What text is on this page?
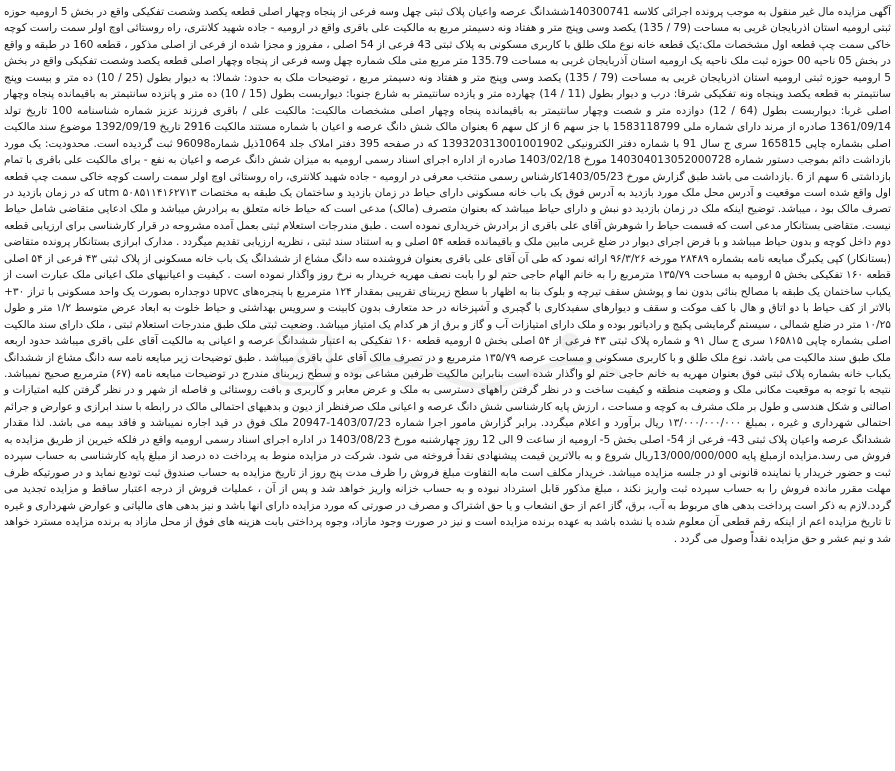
آگهی مزایده مال غیر منقول به موجب پرونده اجرائی کلاسه 140300741ششدانگ عرصه واعیان پلاک ثبتی چهل وسه فرعی از پنجاه وچهار اصلی قطعه یکصد وشصت تفکیکی واقع در بخش 5 ارومیه حوزه ثبتی ارومیه استان اذربایجان غربی به مساحت (79 / 135) یکصد وسی وپنج متر و هفتاد ونه دسیمتر مربع به مالکیت علی باقری واقع در ارومیه - جاده شهید کلانتری، راه روستائی اوچ اولر سمت راست کوچه خاکی سمت چپ قطعه اول مشخصات ملک:یک قطعه خانه نوع ملک طلق با کاربری مسکونی به پلاک ثبتی 43 فرعی از 54 اصلی ، مفروز و مجزا شده از فرعی از اصلی مذکور ، قطعه 160 در طبقه و واقع در بخش 05 ناحیه 00 حوزه ثبت ملک ناحیه یک ارومیه استان آذربایجان غربی به مساحت 135.79 متر مربع متی ملک شماره چهل وسه فرعی از پنجاه وچهار اصلی قطعه یکصد وشصت تفکیکی واقع در بخش 5 ارومیه حوزه ثبتی ارومیه استان اذربایجان غربی به مساحت (79 / 135) یکصد وسی وپنج متر و هفتاد ونه دسیمتر مربع ، توضیحات ملک به حدود: شمالا: به دیوار بطول (25 / 10) ده متر و بیست وپنج سانتیمتر به قطعه یکصد وپنجاه ونه تفکیکی شرقا: درب و دیوار بطول (11 / 14) چهارده متر و یازده سانتیمتر به شارع جنوبا: دیواربست بطول (15 / 10) ده متر و پانزده سانتیمتر به باقیمانده پنجاه وچهار اصلی غربا: دیواربست بطول (64 / 12) دوازده متر و شصت وچهار سانتیمتر به باقیمانده پنجاه وچهار اصلی مشخصات مالکیت: مالکیت علی / باقری فرزند عزیز شماره شناسنامه 100 تاریخ تولد 1361/09/14 صادره از مرند دارای شماره ملی 1583118799 با جز سهم 6 از کل سهم 6 بعنوان مالک شش دانگ عرصه و اعیان با شماره مستند مالکیت 2916 تاریخ 1392/09/19 موضوع سند مالکیت اصلی بشماره چاپی 165815 سری ج سال 91 با شماره دفتر الکترونیکی 139320313001001902 که در صفحه 395 دفتر املاک جلد 1064ذیل شماره96098 ثبت گردیده است. محدودیت: یک مورد بازداشت دائم بموجب دستور شماره 140304013052000728 مورخ 1403/02/18 صادره از اداره اجرای اسناد رسمی ارومیه به میزان شش دانگ عرصه و اعیان به نفع - برای مالکیت علی باقری با تمام بازداشتی 6 سهم از 6 .بازداشت می باشد طبق گزارش مورخ 1403/05/23کارشناس رسمی منتخب معرفی در ارومیه - جاده شهید کلانتری، راه روستائی اوچ اولر سمت راست کوچه خاکی سمت چپ قطعه اول واقع شده است موقعیت و آدرس محل ملک مورد بازدید به آدرس فوق یک باب خانه مسکونی دارای حیاط در زمان بازدید و ساختمان یک طبقه به مختصات utm ۵۰۸۵۱۱۴۱۶۲۷۱۳ که در زمان بازدید در تصرف مالک بود ، میباشد. توضیح اینکه ملک در زمان بازدید دو نبش و دارای حیاط میباشد که بعنوان متصرف (مالک) مدعی است که حیاط خانه متعلق به برادرش میباشد و ملک ادعایی متقاضی شامل حیاط نیست. متقاضی بستانکار مدعی است که قسمت حیاط را شوهرش آقای علی باقری از برادرش خریداری نموده است . طبق مندرجات استعلام ثبتی بعمل آمده مشروحه در قرار کارشناسی برای ارزیابی قطعه دوم داخل کوچه و بدون حیاط میباشد و با فرض اجرای دیوار در ضلع غربی مابین ملک و باقیمانده قطعه ۵۴ اصلی و به استناد سند ثبتی ، نظریه ارزیابی تقدیم میگردد . مدارک ابرازی بستانکار پرونده متقاضی (بستانکار) کپی یکبرگ مبایعه نامه بشماره ۲۸۴۸۹ مورخه ۹۶/۳/۲۶ ارائه نمود که طی آن آقای علی باقری بعنوان فروشنده سه دانگ مشاع از ششدانگ یک باب خانه مسکونی از پلاک ثبتی ۴۳ فرعی از ۵۴ اصلی قطعه ۱۶۰ تفکیکی بخش ۵ ارومیه به مساحت ۱۳۵/۷۹ مترمربع را به خانم الهام حاجی حتم لو را بابت نصف مهریه خریدار به نرخ روز واگذار نموده است . کیفیت و اعیانیهای ملک اعیانی ملک عبارت است از یکباب ساختمان یک طبقه با مصالح بنائی بدون نما و پوشش سقف تیرچه و بلوک بنا به اظهار با سطح زیربنای تقریبی بمقدار ۱۲۴ مترمربع با پنجره‌های upvc دوجداره بصورت یک واحد مسکونی با تراز ۳۰+ بالاتر از کف حیاط با دو اتاق و هال با کف موکت و سقف و دیوارهای سفیدکاری با گچبری و آشپزخانه در حد متعارف بدون کابینت و سرویس بهداشتی و حیاط خلوت به ابعاد عرض متوسط ۱/۲ متر و طول ۱۰/۲۵ متر در ضلع شمالی ، سیستم گرمایشی پکیج و رادیاتور بوده و ملک دارای امتیازات آب و گاز و برق از هر کدام یک امتیاز میباشد. وضعیت ثبتی ملک طبق مندرجات استعلام ثبتی ، ملک دارای سند مالکیت اصلی بشماره چاپی ۱۶۵۸۱۵ سری ج سال ۹۱ و شماره پلاک ثبتی ۴۳ فرعی از ۵۴ اصلی بخش ۵ ارومیه قطعه ۱۶۰ تفکیکی به اعتبار ششدانگ عرصه و اعیانی به مالکیت آقای علی باقری میباشد حدود اربعه ملک طبق سند مالکیت می باشد. نوع ملک طلق و با کاربری مسکونی و مساحت عرصه ۱۳۵/۷۹ مترمربع و در تصرف مالک آقای علی باقری میباشد . طبق توضیحات زیر مبایعه نامه سه دانگ مشاع از ششدانگ یکباب خانه بشماره پلاک ثبتی فوق بعنوان مهریه به خانم حاجی حتم لو واگذار شده است بنابراین مالکیت طرفین مشاعی بوده و سطح زیربنای مندرج در توضیحات مبایعه نامه (۶۷) مترمربع صحیح نمیباشد. نتیجه با توجه به موقعیت مکانی ملک و وضعیت منطقه و کیفیت ساخت و در نظر گرفتن راههای دسترسی به ملک و عرض معابر و کاربری و بافت روستائی و فاصله از شهر و در نظر گرفتن کلیه امتیازات و اصالتی و شکل هندسی و طول بر ملک مشرف به کوچه و مساحت ، ارزش پایه کارشناسی شش دانگ عرصه و اعیانی ملک صرفنظر از دیون و بدهیهای احتمالی مالک در رابطه با سند ابرازی و عوارض و جرائم احتمالی شهرداری و غیره ، بمبلغ ۱۳/۰۰۰/۰۰۰/۰۰۰ ریال برآورد و اعلام میگردد. برابر گزارش مامور اجرا شماره 1403/07/23-20947 ملک فوق در قید اجاره نمیباشد و فاقد بیمه می باشد. لذا مقدار ششدانگ عرصه واعیان پلاک ثبتی 43- فرعی از 54- اصلی بخش 5- ارومیه از ساعت 9 الی 12 روز چهارشنبه مورخ 1403/08/23 در اداره اجرای اسناد رسمی ارومیه واقع در فلکه خیرین از طریق مزایده به فروش می رسد.مزایده ازمبلغ پایه 13/000/000/000ریال شروع و به بالاترین قیمت پیشنهادی نقداً فروخته می شود. شرکت در مزایده منوط به پرداخت ده درصد از مبلغ پایه کارشناسی به حساب سپرده ثبت و حضور خریدار یا نماینده قانونی او در جلسه مزایده میباشد. خریدار مکلف است مابه التفاوت مبلغ فروش را ظرف مدت پنج روز از تاریخ مزایده به حساب صندوق ثبت تودیع نماید و در صورتیکه ظرف مهلت مقرر مانده فروش را به حساب سپرده ثبت واریز نکند ، مبلغ مذکور قابل استرداد نبوده و به حساب خزانه واریز خواهد شد و پس از آن ، عملیات فروش از درجه اعتبار ساقط و مزایده تجدید می گردد.لازم به ذکر است پرداخت بدهی های مربوط به آب، برق، گاز اعم از حق انشعاب و یا حق اشتراک و مصرف در صورتی که مورد مزایده دارای انها باشد و نیز بدهی های مالیاتی و عوارض شهرداری و غیره تا تاریخ مزایده اعم از اینکه رقم قطعی آن معلوم شده یا نشده باشد به عهده برنده مزایده است و نیز در صورت وجود مازاد، وجوه پرداختی بابت هزینه های فوق از محل مازاد به برنده مزایده مسترد خواهد شد و نیم عشر و حق مزایده نقداً وصول می گردد .
